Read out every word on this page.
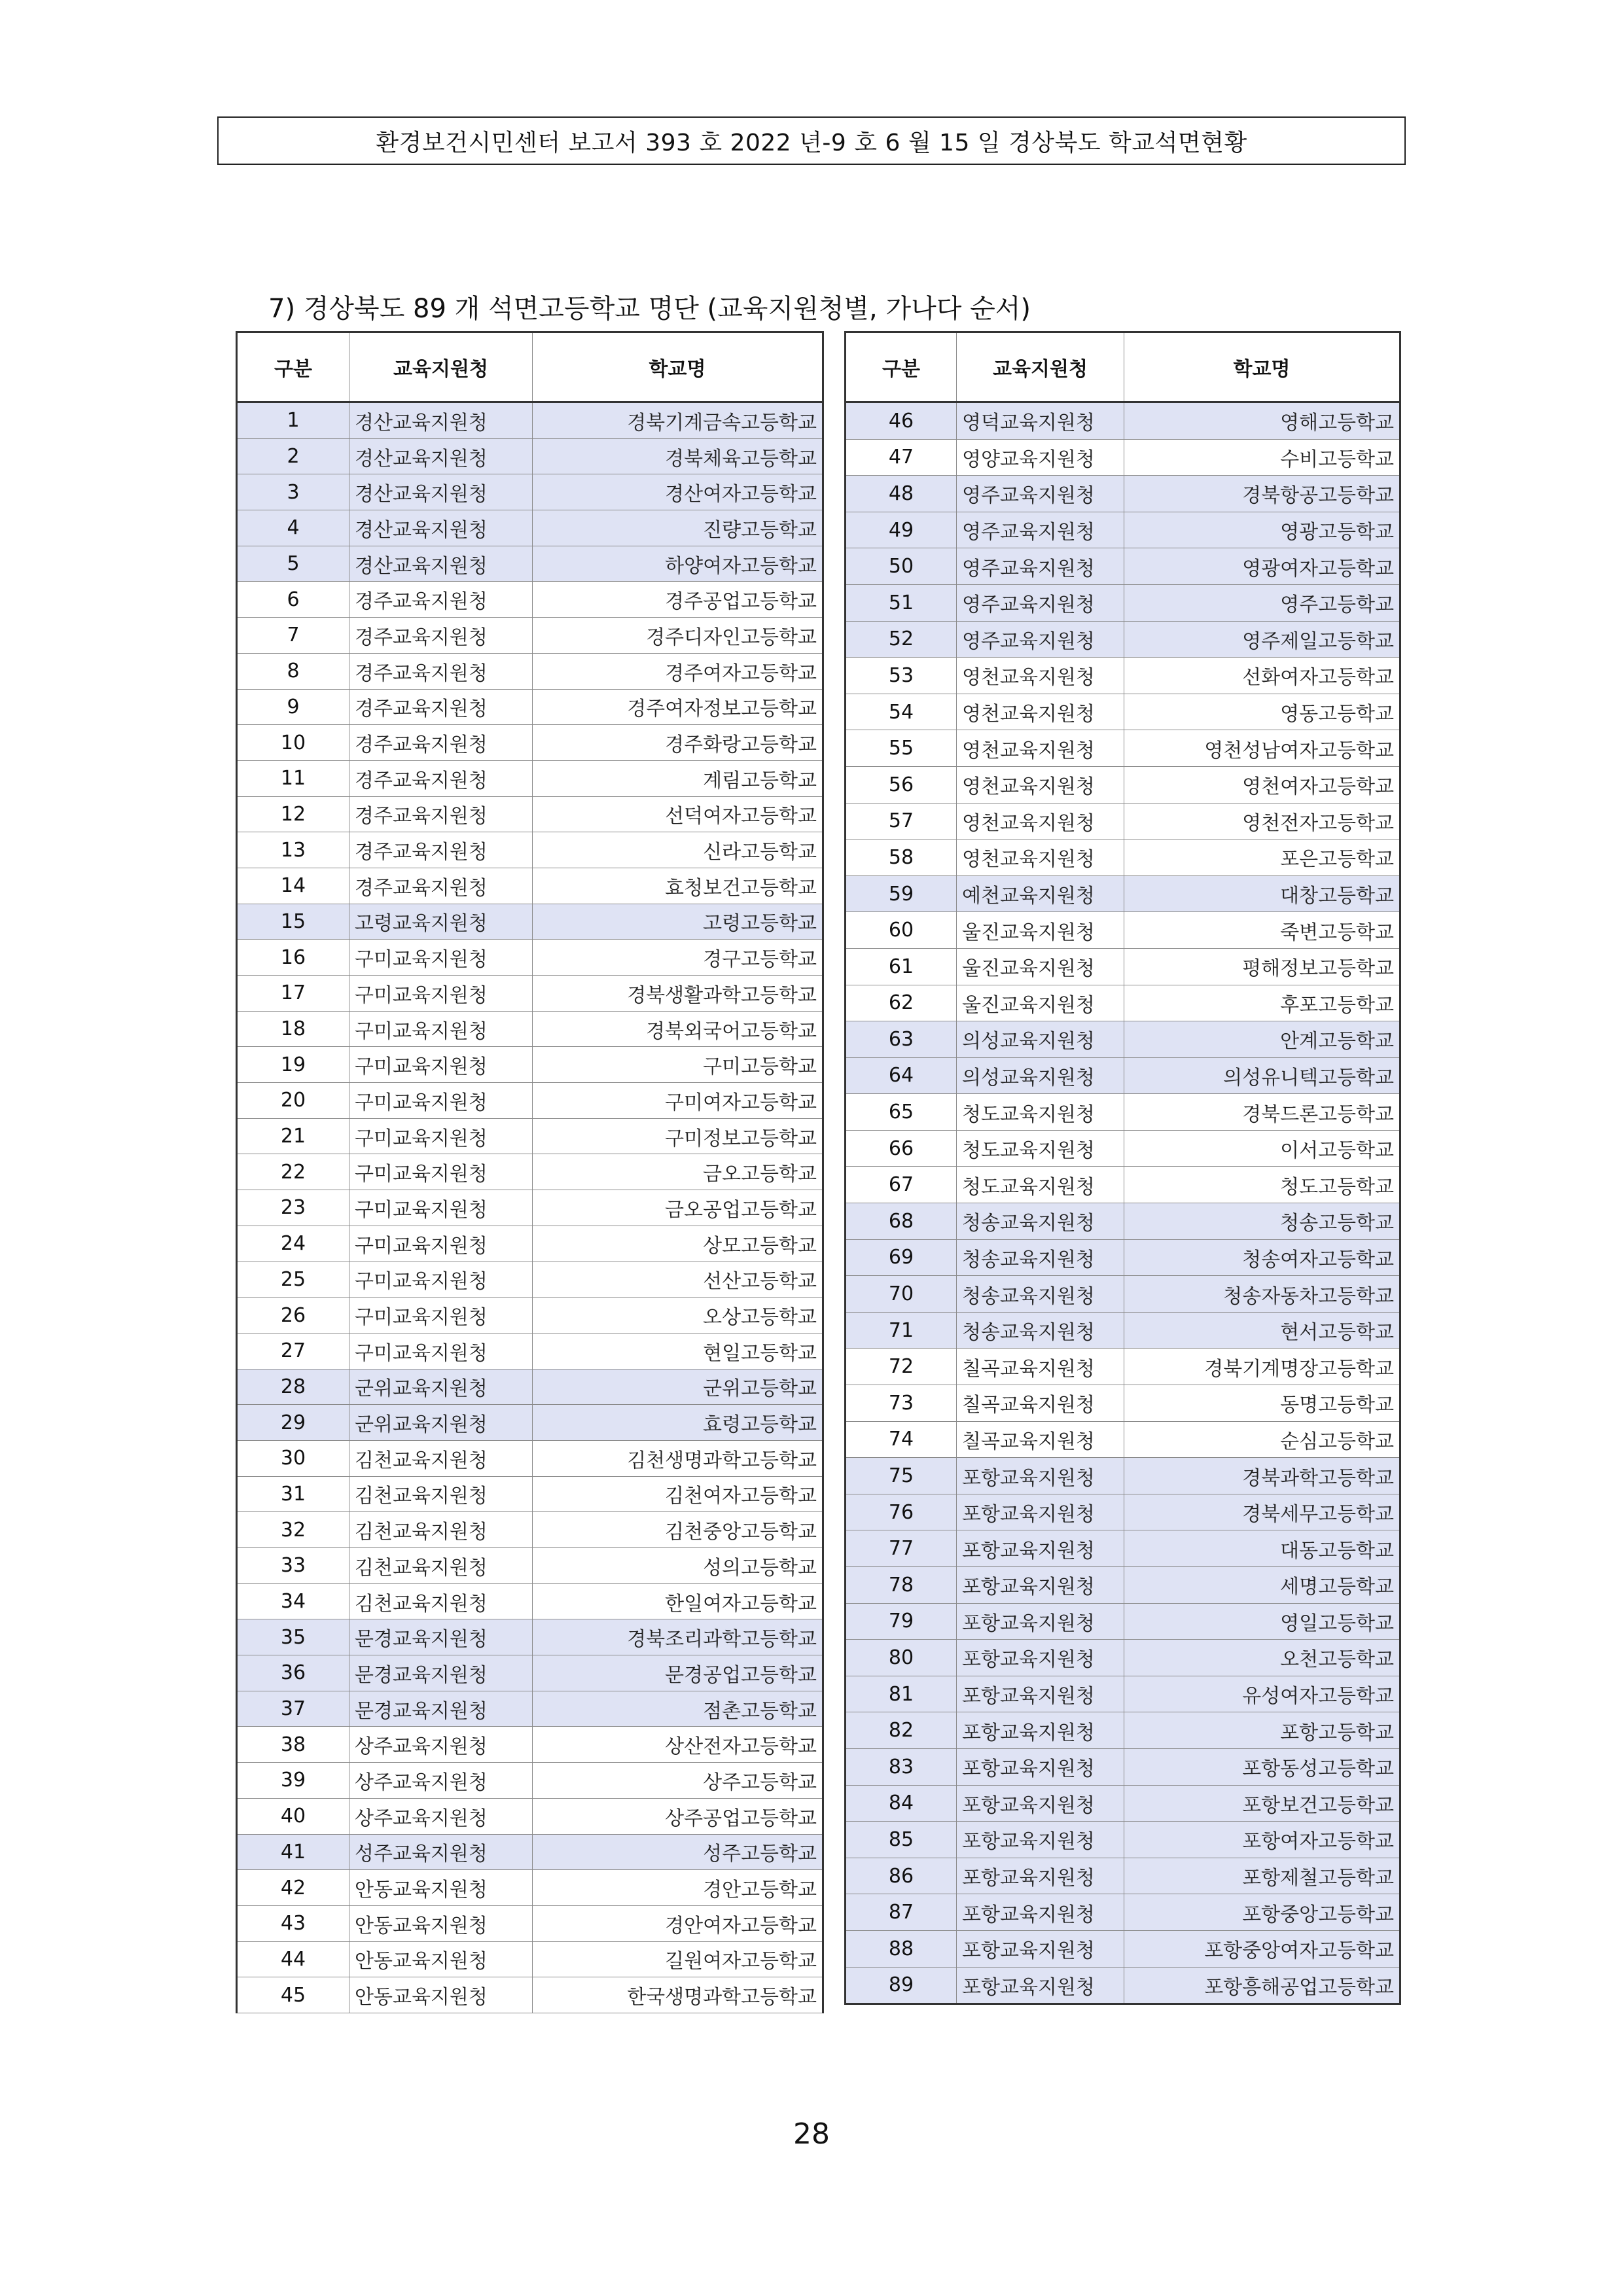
환경보건시민센터 보고서 393 호 2022 년-9 호 6 월 15 일 경상북도 학교석면현황
7) 경상북도 89 개 석면고등학교 명단 (교육지원청별, 가나다 순서)
구분	교육지원청	학교명
1	경산교육지원청	경북기계금속고등학교
2	경산교육지원청	경북체육고등학교
3	경산교육지원청	경산여자고등학교
4	경산교육지원청	진량고등학교
5	경산교육지원청	하양여자고등학교
6	경주교육지원청	경주공업고등학교
7	경주교육지원청	경주디자인고등학교
8	경주교육지원청	경주여자고등학교
9	경주교육지원청	경주여자정보고등학교
10	경주교육지원청	경주화랑고등학교
11	경주교육지원청	계림고등학교
12	경주교육지원청	선덕여자고등학교
13	경주교육지원청	신라고등학교
14	경주교육지원청	효청보건고등학교
15	고령교육지원청	고령고등학교
16	구미교육지원청	경구고등학교
17	구미교육지원청	경북생활과학고등학교
18	구미교육지원청	경북외국어고등학교
19	구미교육지원청	구미고등학교
20	구미교육지원청	구미여자고등학교
21	구미교육지원청	구미정보고등학교
22	구미교육지원청	금오고등학교
23	구미교육지원청	금오공업고등학교
24	구미교육지원청	상모고등학교
25	구미교육지원청	선산고등학교
26	구미교육지원청	오상고등학교
27	구미교육지원청	현일고등학교
28	군위교육지원청	군위고등학교
29	군위교육지원청	효령고등학교
30	김천교육지원청	김천생명과학고등학교
31	김천교육지원청	김천여자고등학교
32	김천교육지원청	김천중앙고등학교
33	김천교육지원청	성의고등학교
34	김천교육지원청	한일여자고등학교
35	문경교육지원청	경북조리과학고등학교
36	문경교육지원청	문경공업고등학교
37	문경교육지원청	점촌고등학교
38	상주교육지원청	상산전자고등학교
39	상주교육지원청	상주고등학교
40	상주교육지원청	상주공업고등학교
41	성주교육지원청	성주고등학교
42	안동교육지원청	경안고등학교
43	안동교육지원청	경안여자고등학교
44	안동교육지원청	길원여자고등학교
45	안동교육지원청	한국생명과학고등학교
구분	교육지원청	학교명
46	영덕교육지원청	영해고등학교
47	영양교육지원청	수비고등학교
48	영주교육지원청	경북항공고등학교
49	영주교육지원청	영광고등학교
50	영주교육지원청	영광여자고등학교
51	영주교육지원청	영주고등학교
52	영주교육지원청	영주제일고등학교
53	영천교육지원청	선화여자고등학교
54	영천교육지원청	영동고등학교
55	영천교육지원청	영천성남여자고등학교
56	영천교육지원청	영천여자고등학교
57	영천교육지원청	영천전자고등학교
58	영천교육지원청	포은고등학교
59	예천교육지원청	대창고등학교
60	울진교육지원청	죽변고등학교
61	울진교육지원청	평해정보고등학교
62	울진교육지원청	후포고등학교
63	의성교육지원청	안계고등학교
64	의성교육지원청	의성유니텍고등학교
65	청도교육지원청	경북드론고등학교
66	청도교육지원청	이서고등학교
67	청도교육지원청	청도고등학교
68	청송교육지원청	청송고등학교
69	청송교육지원청	청송여자고등학교
70	청송교육지원청	청송자동차고등학교
71	청송교육지원청	현서고등학교
72	칠곡교육지원청	경북기계명장고등학교
73	칠곡교육지원청	동명고등학교
74	칠곡교육지원청	순심고등학교
75	포항교육지원청	경북과학고등학교
76	포항교육지원청	경북세무고등학교
77	포항교육지원청	대동고등학교
78	포항교육지원청	세명고등학교
79	포항교육지원청	영일고등학교
80	포항교육지원청	오천고등학교
81	포항교육지원청	유성여자고등학교
82	포항교육지원청	포항고등학교
83	포항교육지원청	포항동성고등학교
84	포항교육지원청	포항보건고등학교
85	포항교육지원청	포항여자고등학교
86	포항교육지원청	포항제철고등학교
87	포항교육지원청	포항중앙고등학교
88	포항교육지원청	포항중앙여자고등학교
89	포항교육지원청	포항흥해공업고등학교
28
